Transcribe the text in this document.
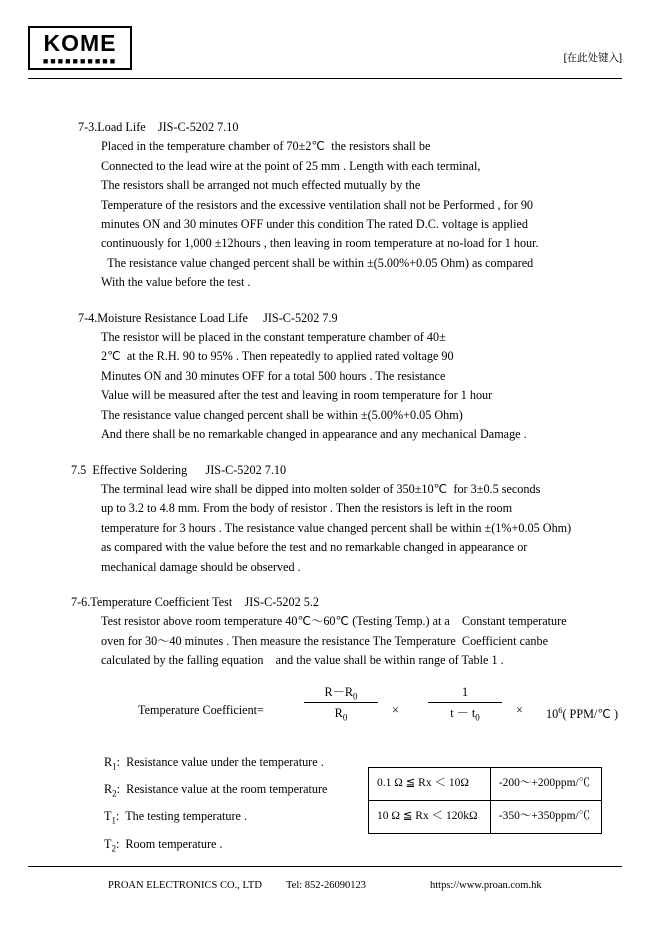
KOME
■■■■■■■■■■	[在此处键入]
7-3.Load Life    JIS-C-5202 7.10
Placed in the temperature chamber of 70±2℃  the resistors shall be
Connected to the lead wire at the point of 25 mm . Length with each terminal,
The resistors shall be arranged not much effected mutually by the
Temperature of the resistors and the excessive ventilation shall not be Performed , for 90
minutes ON and 30 minutes OFF under this condition The rated D.C. voltage is applied
continuously for 1,000 ±12hours , then leaving in room temperature at no-load for 1 hour.
The resistance value changed percent shall be within ±(5.00%+0.05 Ohm) as compared
With the value before the test .
7-4.Moisture Resistance Load Life     JIS-C-5202 7.9
The resistor will be placed in the constant temperature chamber of 40±
2℃  at the R.H. 90 to 95% . Then repeatedly to applied rated voltage 90
Minutes ON and 30 minutes OFF for a total 500 hours . The resistance
Value will be measured after the test and leaving in room temperature for 1 hour
The resistance value changed percent shall be within ±(5.00%+0.05 Ohm)
And there shall be no remarkable changed in appearance and any mechanical Damage .
7.5  Effective Soldering      JIS-C-5202 7.10
The terminal lead wire shall be dipped into molten solder of 350±10℃  for 3±0.5 seconds
up to 3.2 to 4.8 mm. From the body of resistor . Then the resistors is left in the room
temperature for 3 hours . The resistance value changed percent shall be within ±(1%+0.05 Ohm)
as compared with the value before the test and no remarkable changed in appearance or
mechanical damage should be observed .
7-6.Temperature Coefficient Test    JIS-C-5202 5.2
Test resistor above room temperature 40℃～60℃ (Testing Temp.) at a    Constant temperature
oven for 30～40 minutes . Then measure the resistance The Temperature  Coefficient canbe
calculated by the falling equation    and the value shall be within range of Table 1 .
Temperature Coefficient=
$R-R_0$
$R_0$
×
1
$t - t_0$
× $10^6$( PPM/℃ )
$R_1$:  Resistance value under the temperature .
$R_2$:  Resistance value at the room temperature
$T_1$:  The testing temperature .
$T_2$:  Room temperature .
0.1 Ω ≦ Rx ＜ 10Ω	-200～+200ppm/℃
10 Ω ≦ Rx ＜ 120kΩ	-350～+350ppm/℃
PROAN ELECTRONICS CO., LTD Tel: 852-26090123	https://www.proan.com.hk
